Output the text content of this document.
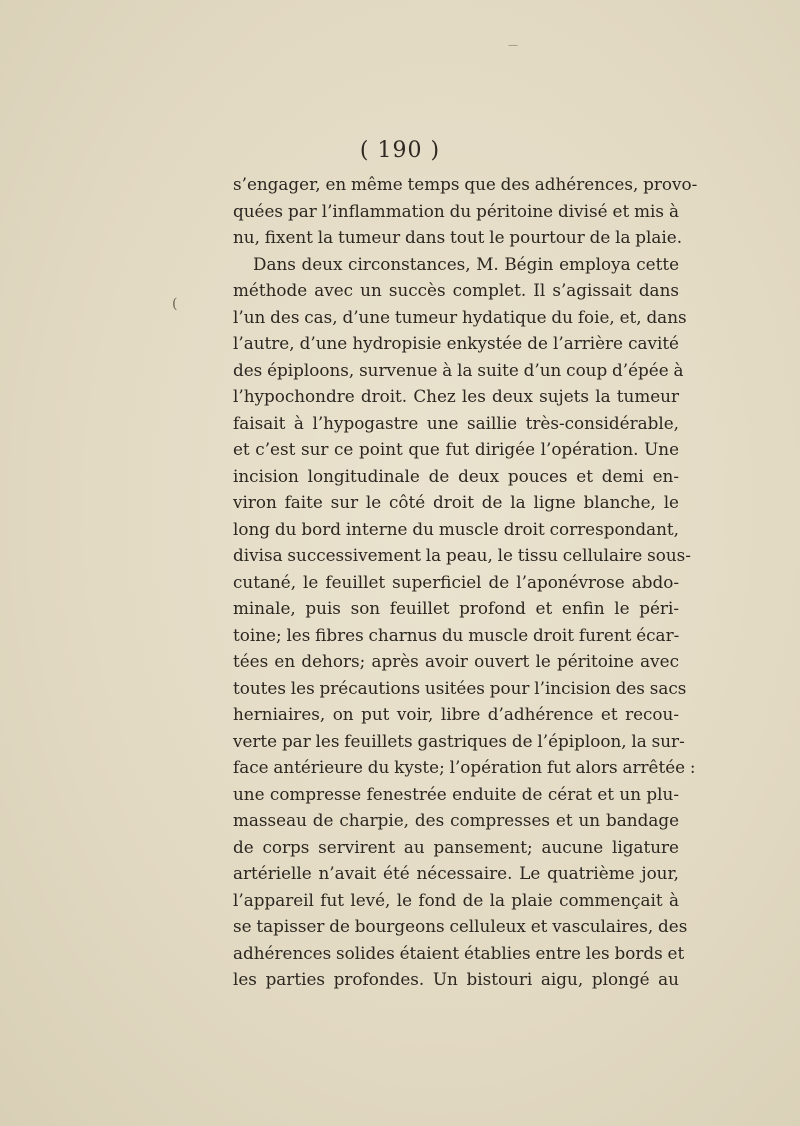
—
( 190 )
(
s’engager, en même temps que des adhérences, provo-
quées par l’inflammation du péritoine divisé et mis à
nu, fixent la tumeur dans tout le pourtour de la plaie.
Dans deux circonstances, M. Bégin employa cette
méthode avec un succès complet. Il s’agissait dans
l’un des cas, d’une tumeur hydatique du foie, et, dans
l’autre, d’une hydropisie enkystée de l’arrière cavité
des épiploons, survenue à la suite d’un coup d’épée à
l’hypochondre droit. Chez les deux sujets la tumeur
faisait à l’hypogastre une saillie très-considérable,
et c’est sur ce point que fut dirigée l’opération. Une
incision longitudinale de deux pouces et demi en-
viron faite sur le côté droit de la ligne blanche, le
long du bord interne du muscle droit correspondant,
divisa successivement la peau, le tissu cellulaire sous-
cutané, le feuillet superficiel de l’aponévrose abdo-
minale, puis son feuillet profond et enfin le péri-
toine; les fibres charnus du muscle droit furent écar-
tées en dehors; après avoir ouvert le péritoine avec
toutes les précautions usitées pour l’incision des sacs
herniaires, on put voir, libre d’adhérence et recou-
verte par les feuillets gastriques de l’épiploon, la sur-
face antérieure du kyste; l’opération fut alors arrêtée :
une compresse fenestrée enduite de cérat et un plu-
masseau de charpie, des compresses et un bandage
de corps servirent au pansement; aucune ligature
artérielle n’avait été nécessaire. Le quatrième jour,
l’appareil fut levé, le fond de la plaie commençait à
se tapisser de bourgeons celluleux et vasculaires, des
adhérences solides étaient établies entre les bords et
les parties profondes. Un bistouri aigu, plongé au
